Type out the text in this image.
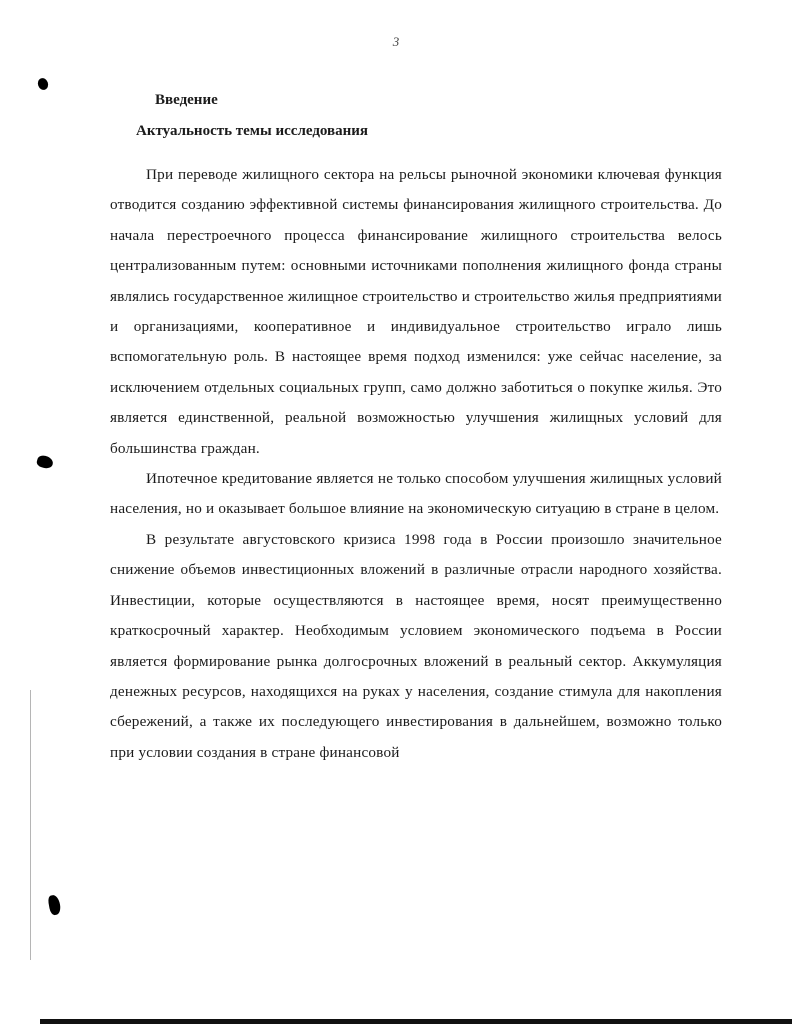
3
Введение
Актуальность темы исследования

При переводе жилищного сектора на рельсы рыночной экономики ключевая функция отводится созданию эффективной системы финансирования жилищного строительства. До начала перестроечного процесса финансирование жилищного строительства велось централизованным путем: основными источниками пополнения жилищного фонда страны являлись государственное жилищное строительство и строительство жилья предприятиями и организациями, кооперативное и индивидуальное строительство играло лишь вспомогательную роль. В настоящее время подход изменился: уже сейчас население, за исключением отдельных социальных групп, само должно заботиться о покупке жилья. Это является единственной, реальной возможностью улучшения жилищных условий для большинства граждан.

Ипотечное кредитование является не только способом улучшения жилищных условий населения, но и оказывает большое влияние на экономическую ситуацию в стране в целом.

В результате августовского кризиса 1998 года в России произошло значительное снижение объемов инвестиционных вложений в различные отрасли народного хозяйства. Инвестиции, которые осуществляются в настоящее время, носят преимущественно краткосрочный характер. Необходимым условием экономического подъема в России является формирование рынка долгосрочных вложений в реальный сектор. Аккумуляция денежных ресурсов, находящихся на руках у населения, создание стимула для накопления сбережений, а также их последующего инвестирования в дальнейшем, возможно только при условии создания в стране финансовой
